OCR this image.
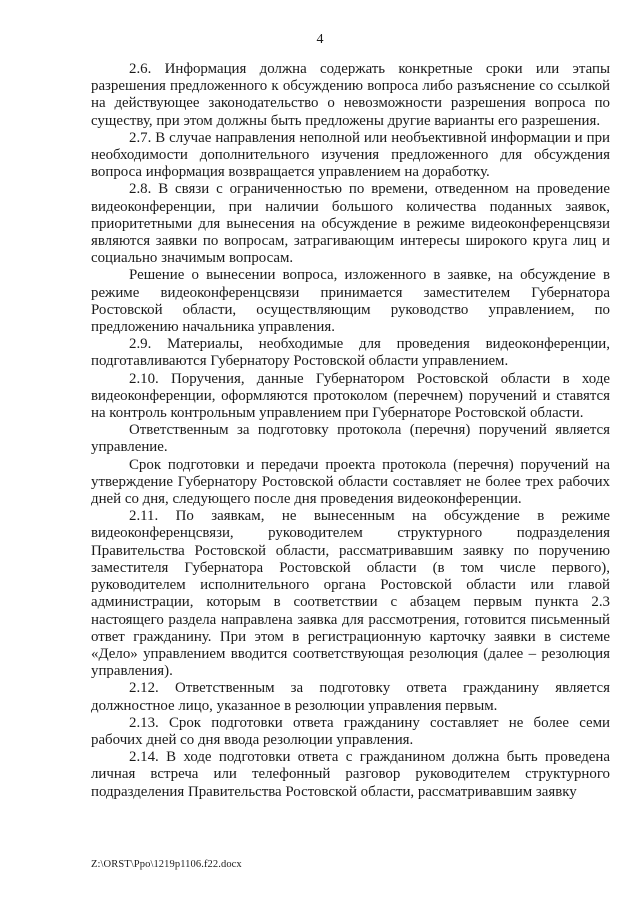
4

2.6. Информация должна содержать конкретные сроки или этапы разрешения предложенного к обсуждению вопроса либо разъяснение со ссылкой на действующее законодательство о невозможности разрешения вопроса по существу, при этом должны быть предложены другие варианты его разрешения.

2.7. В случае направления неполной или необъективной информации и при необходимости дополнительного изучения предложенного для обсуждения вопроса информация возвращается управлением на доработку.

2.8. В связи с ограниченностью по времени, отведенном на проведение видеоконференции, при наличии большого количества поданных заявок, приоритетными для вынесения на обсуждение в режиме видеоконференцсвязи являются заявки по вопросам, затрагивающим интересы широкого круга лиц и социально значимым вопросам.

Решение о вынесении вопроса, изложенного в заявке, на обсуждение в режиме видеоконференцсвязи принимается заместителем Губернатора Ростовской области, осуществляющим руководство управлением, по предложению начальника управления.

2.9. Материалы, необходимые для проведения видеоконференции, подготавливаются Губернатору Ростовской области управлением.

2.10. Поручения, данные Губернатором Ростовской области в ходе видеоконференции, оформляются протоколом (перечнем) поручений и ставятся на контроль контрольным управлением при Губернаторе Ростовской области.

Ответственным за подготовку протокола (перечня) поручений является управление.

Срок подготовки и передачи проекта протокола (перечня) поручений на утверждение Губернатору Ростовской области составляет не более трех рабочих дней со дня, следующего после дня проведения видеоконференции.

2.11. По заявкам, не вынесенным на обсуждение в режиме видеоконференцсвязи, руководителем структурного подразделения Правительства Ростовской области, рассматривавшим заявку по поручению заместителя Губернатора Ростовской области (в том числе первого), руководителем исполнительного органа Ростовской области или главой администрации, которым в соответствии с абзацем первым пункта 2.3 настоящего раздела направлена заявка для рассмотрения, готовится письменный ответ гражданину. При этом в регистрационную карточку заявки в системе «Дело» управлением вводится соответствующая резолюция (далее – резолюция управления).

2.12. Ответственным за подготовку ответа гражданину является должностное лицо, указанное в резолюции управления первым.

2.13. Срок подготовки ответа гражданину составляет не более семи рабочих дней со дня ввода резолюции управления.

2.14. В ходе подготовки ответа с гражданином должна быть проведена личная встреча или телефонный разговор руководителем структурного подразделения Правительства Ростовской области, рассматривавшим заявку

Z:\ORST\Ppo\1219p1106.f22.docx
